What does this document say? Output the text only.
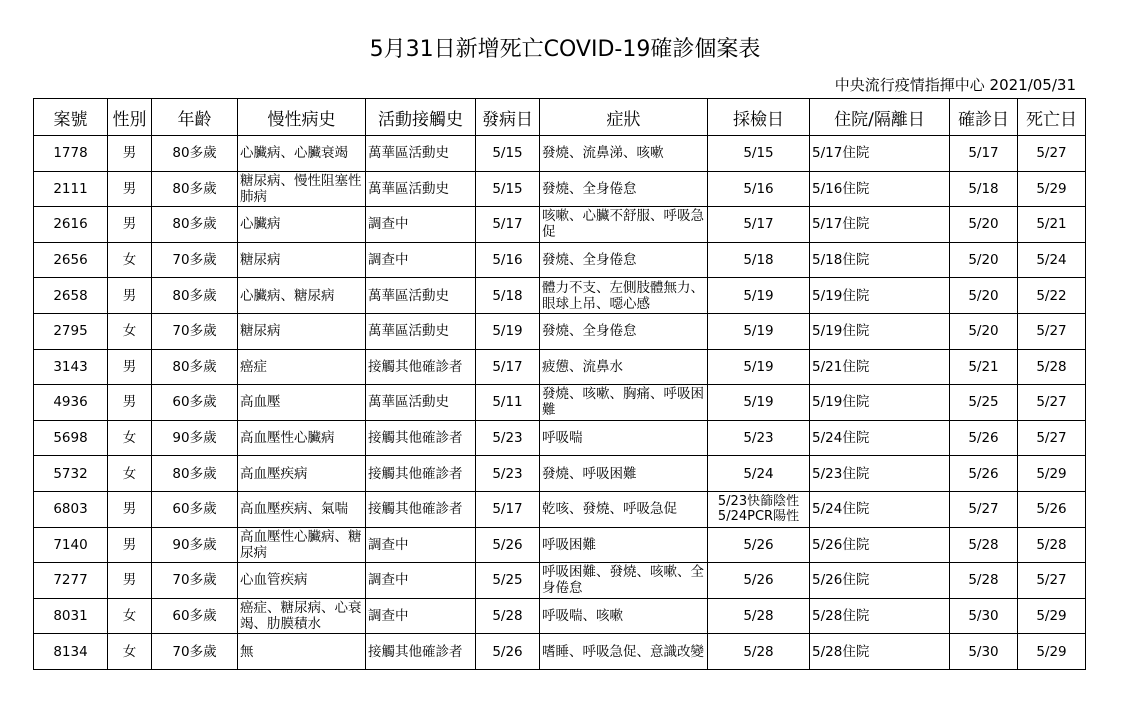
5月31日新增死亡COVID-19確診個案表
中央流行疫情指揮中心 2021/05/31
案號	性別	年齡	慢性病史	活動接觸史	發病日	症狀	採檢日	住院/隔離日	確診日	死亡日
1778	男	80多歲	心臟病、心臟衰竭	萬華區活動史	5/15	發燒、流鼻涕、咳嗽	5/15	5/17住院	5/17	5/27
2111	男	80多歲	糖尿病、慢性阻塞性肺病	萬華區活動史	5/15	發燒、全身倦怠	5/16	5/16住院	5/18	5/29
2616	男	80多歲	心臟病	調查中	5/17	咳嗽、心臟不舒服、呼吸急促	5/17	5/17住院	5/20	5/21
2656	女	70多歲	糖尿病	調查中	5/16	發燒、全身倦怠	5/18	5/18住院	5/20	5/24
2658	男	80多歲	心臟病、糖尿病	萬華區活動史	5/18	體力不支、左側肢體無力、眼球上吊、噁心感	5/19	5/19住院	5/20	5/22
2795	女	70多歲	糖尿病	萬華區活動史	5/19	發燒、全身倦怠	5/19	5/19住院	5/20	5/27
3143	男	80多歲	癌症	接觸其他確診者	5/17	疲憊、流鼻水	5/19	5/21住院	5/21	5/28
4936	男	60多歲	高血壓	萬華區活動史	5/11	發燒、咳嗽、胸痛、呼吸困難	5/19	5/19住院	5/25	5/27
5698	女	90多歲	高血壓性心臟病	接觸其他確診者	5/23	呼吸喘	5/23	5/24住院	5/26	5/27
5732	女	80多歲	高血壓疾病	接觸其他確診者	5/23	發燒、呼吸困難	5/24	5/23住院	5/26	5/29
6803	男	60多歲	高血壓疾病、氣喘	接觸其他確診者	5/17	乾咳、發燒、呼吸急促	5/23快篩陰性 5/24PCR陽性	5/24住院	5/27	5/26
7140	男	90多歲	高血壓性心臟病、糖尿病	調查中	5/26	呼吸困難	5/26	5/26住院	5/28	5/28
7277	男	70多歲	心血管疾病	調查中	5/25	呼吸困難、發燒、咳嗽、全身倦怠	5/26	5/26住院	5/28	5/27
8031	女	60多歲	癌症、糖尿病、心衰竭、肋膜積水	調查中	5/28	呼吸喘、咳嗽	5/28	5/28住院	5/30	5/29
8134	女	70多歲	無	接觸其他確診者	5/26	嗜睡、呼吸急促、意識改變	5/28	5/28住院	5/30	5/29
